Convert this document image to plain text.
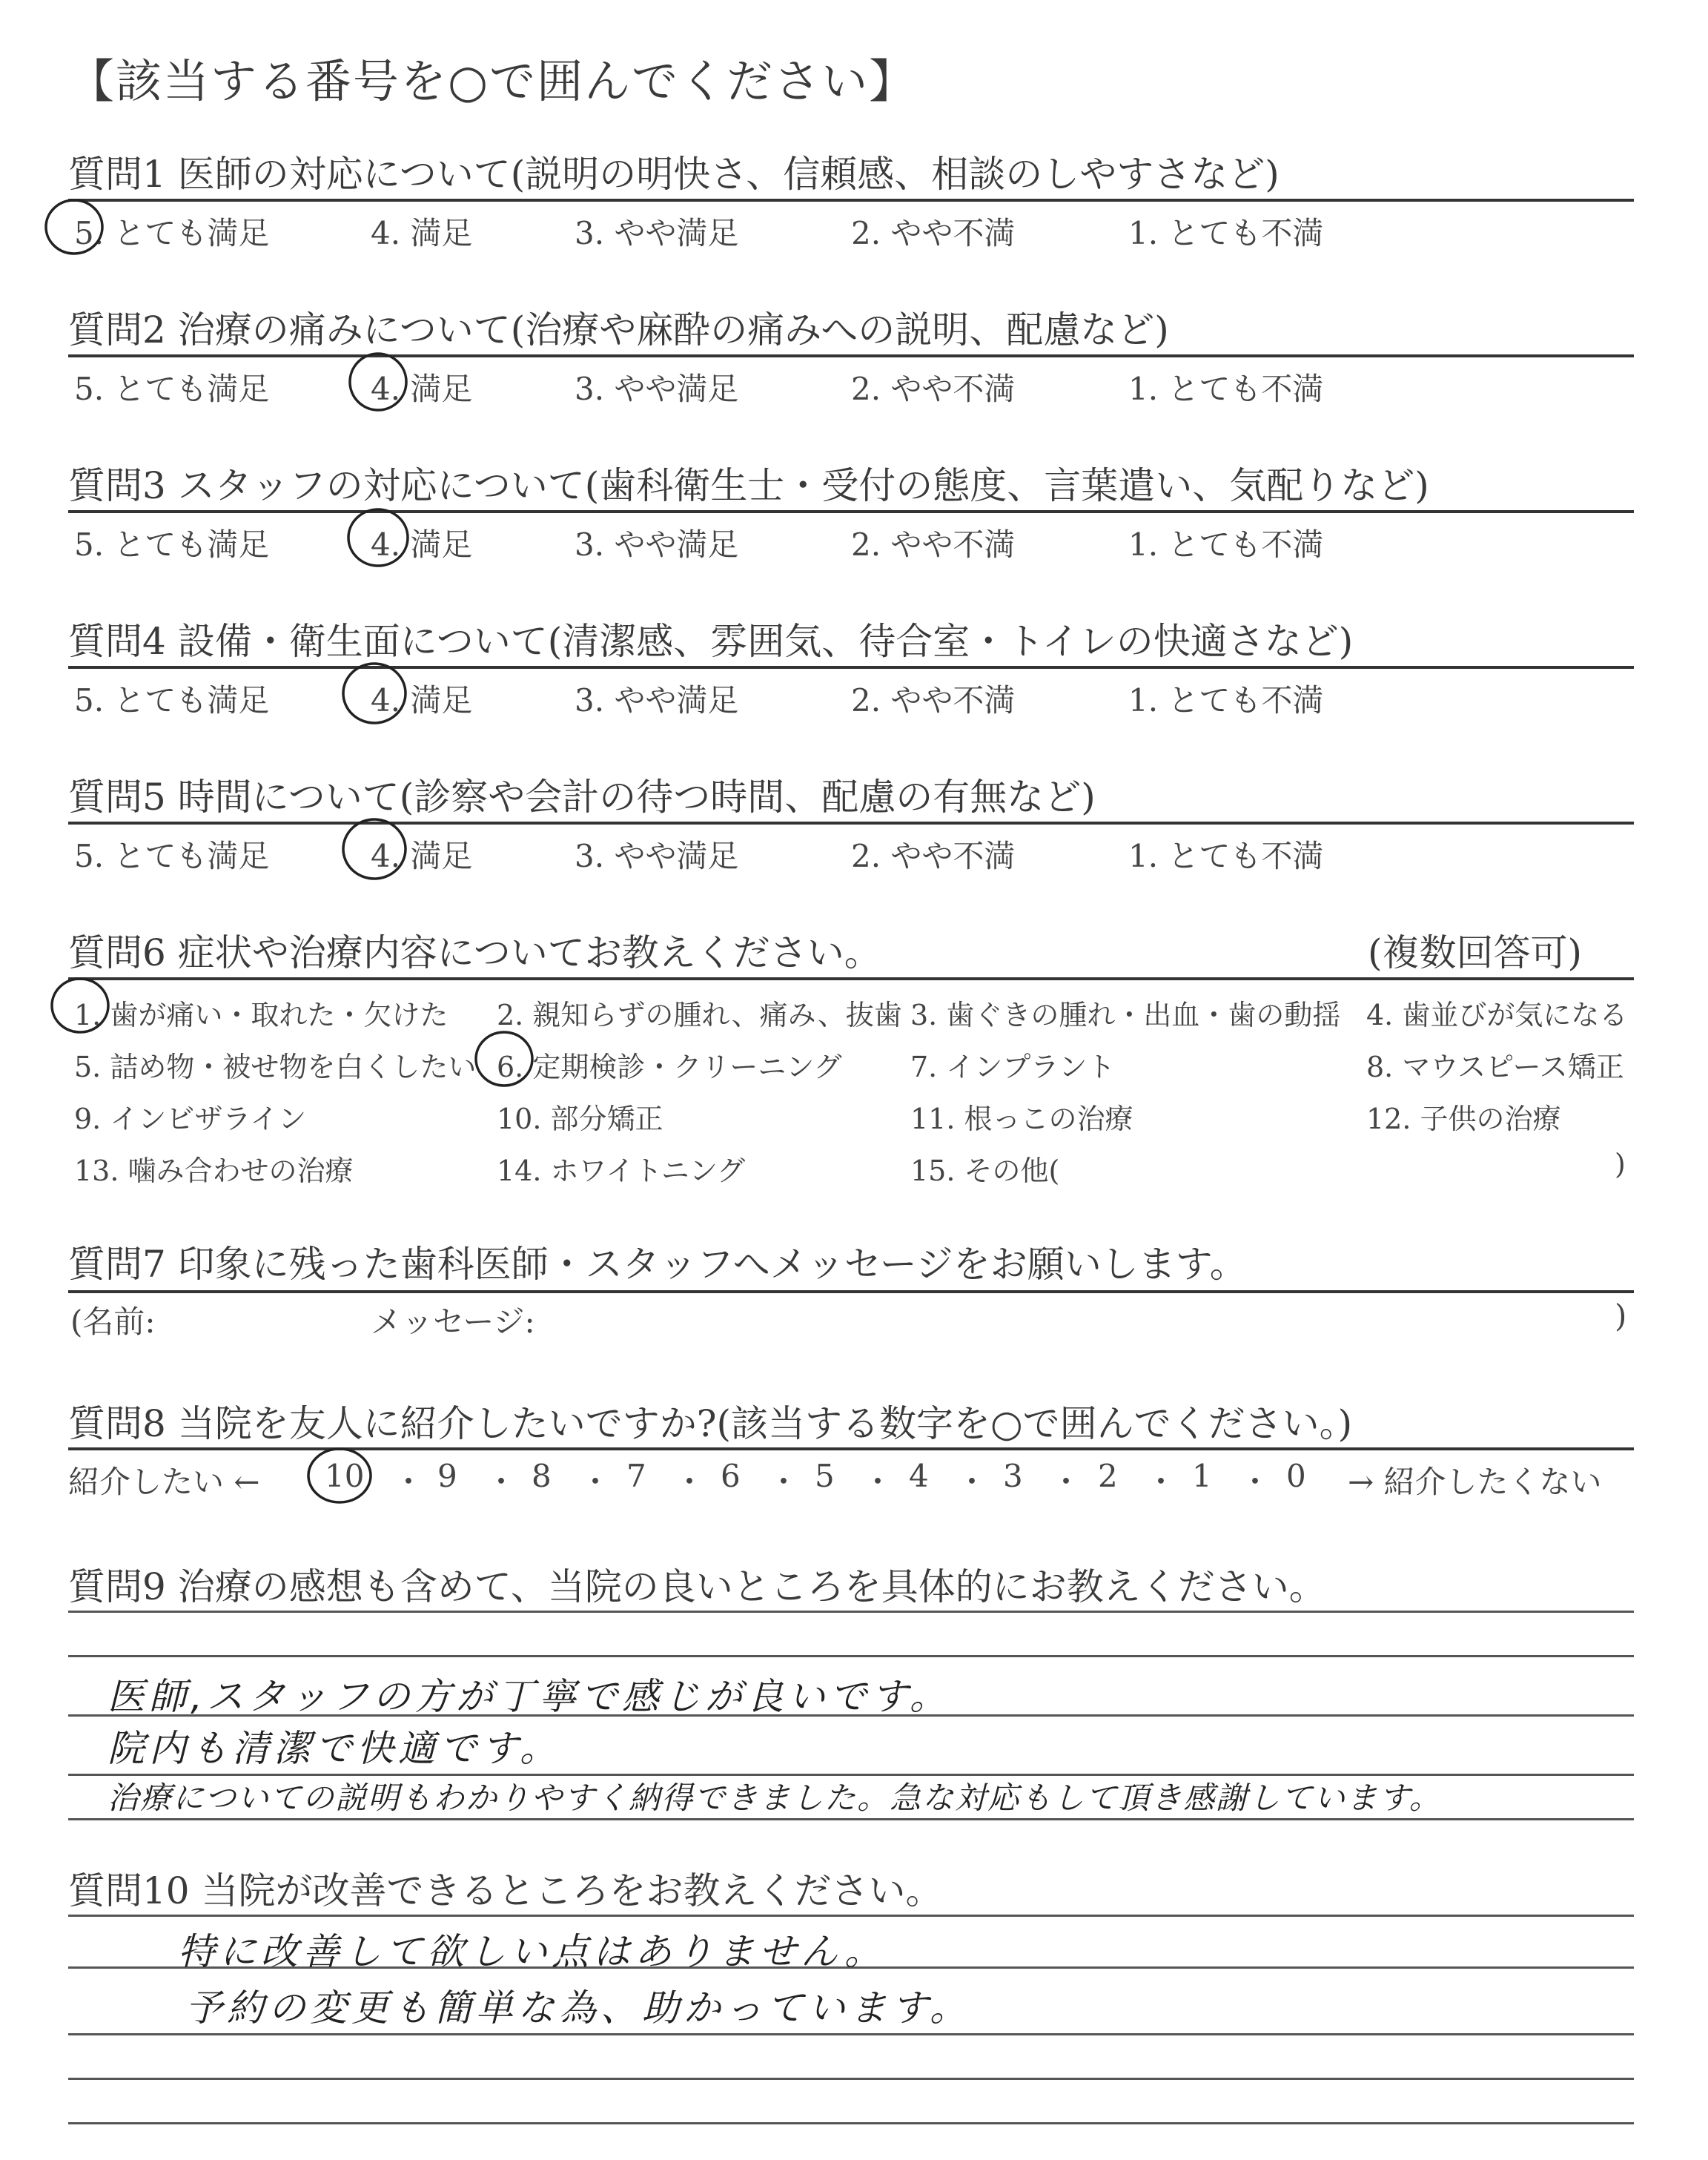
【該当する番号を○で囲んでください】
質問1 医師の対応について(説明の明快さ、信頼感、相談のしやすさなど)
5. とても満足	4. 満足	3. やや満足	2. やや不満	1. とても不満
質問2 治療の痛みについて(治療や麻酔の痛みへの説明、配慮など)
5. とても満足	4. 満足	3. やや満足	2. やや不満	1. とても不満
質問3 スタッフの対応について(歯科衛生士・受付の態度、言葉遣い、気配りなど)
5. とても満足	4. 満足	3. やや満足	2. やや不満	1. とても不満
質問4 設備・衛生面について(清潔感、雰囲気、待合室・トイレの快適さなど)
5. とても満足	4. 満足	3. やや満足	2. やや不満	1. とても不満
質問5 時間について(診察や会計の待つ時間、配慮の有無など)
5. とても満足	4. 満足	3. やや満足	2. やや不満	1. とても不満
質問6 症状や治療内容についてお教えください。	(複数回答可)
1. 歯が痛い・取れた・欠けた 2. 親知らずの腫れ、痛み、抜歯 3. 歯ぐきの腫れ・出血・歯の動揺 4. 歯並びが気になる
5. 詰め物・被せ物を白くしたい 6. 定期検診・クリーニング 7. インプラント	8. マウスピース矯正
9. インビザライン	10. 部分矯正	11. 根っこの治療	12. 子供の治療
13. 噛み合わせの治療	14. ホワイトニング	15. その他(	)
質問7 印象に残った歯科医師・スタッフへメッセージをお願いします。
(名前:	メッセージ:	)
質問8 当院を友人に紹介したいですか?(該当する数字を○で囲んでください。)
紹介したい ←	→ 紹介したくない
10 9 8 7 6 5 4 3 2 1 0
・ ・ ・ ・ ・ ・ ・ ・ ・ ・
質問9 治療の感想も含めて、当院の良いところを具体的にお教えください。
医師,スタッフの方が丁寧で感じが良いです。
院内も清潔で快適です。
治療についての説明もわかりやすく納得できました。急な対応もして頂き感謝しています。
質問10 当院が改善できるところをお教えください。
特に改善して欲しい点はありません。
予約の変更も簡単な為、助かっています。
